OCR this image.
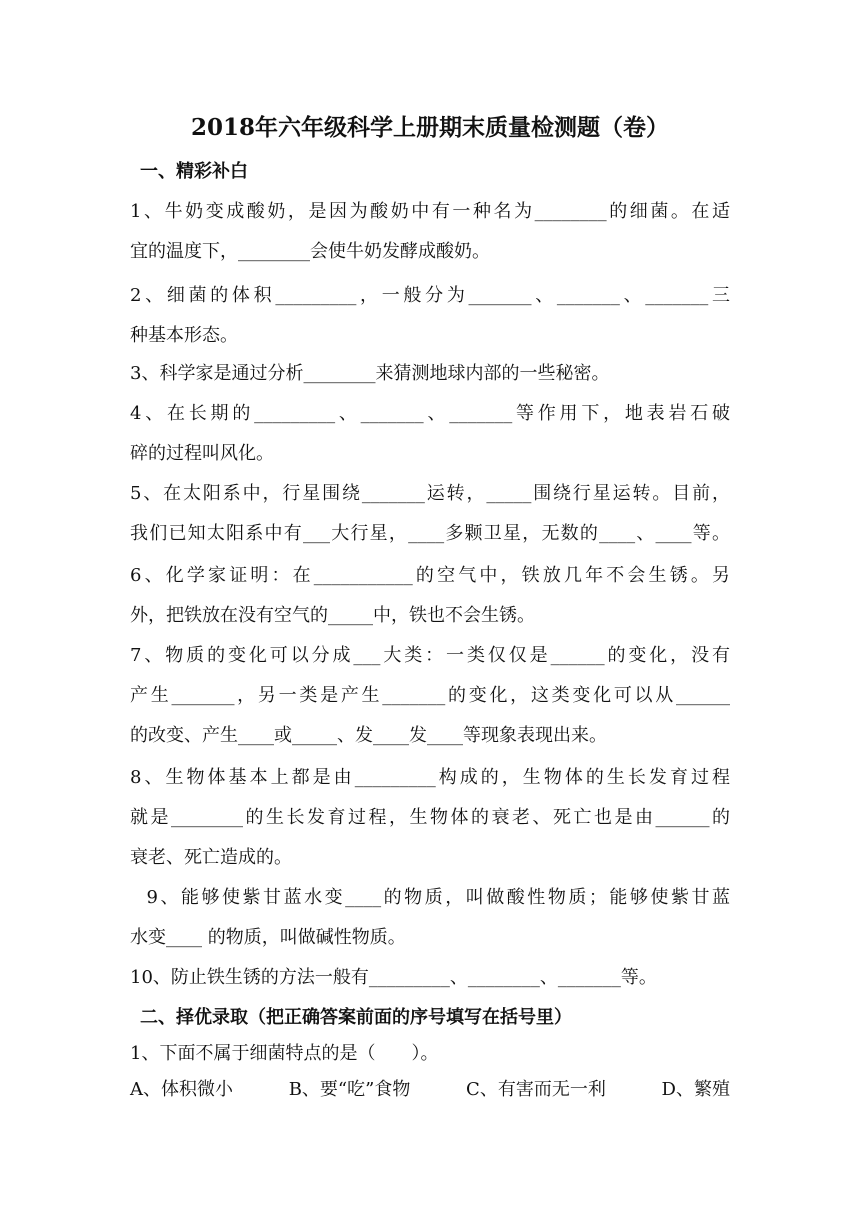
2018年六年级科学上册期末质量检测题（卷）
一、精彩补白
1、牛奶变成酸奶，是因为酸奶中有一种名为________的细菌。在适
宜的温度下，________会使牛奶发酵成酸奶。
2、细菌的体积_________，一般分为_______、_______、_______三
种基本形态。
3、科学家是通过分析________来猜测地球内部的一些秘密。
4、在长期的_________、_______、_______等作用下，地表岩石破
碎的过程叫风化。
5、在太阳系中，行星围绕_______运转，_____围绕行星运转。目前，
我们已知太阳系中有___大行星，____多颗卫星，无数的____、____等。
6、化学家证明：在___________的空气中，铁放几年不会生锈。另
外，把铁放在没有空气的_____中，铁也不会生锈。
7、物质的变化可以分成___大类：一类仅仅是______的变化，没有
产生_______，另一类是产生_______的变化，这类变化可以从______
的改变、产生____或_____、发____发____等现象表现出来。
8、生物体基本上都是由_________构成的，生物体的生长发育过程
就是________的生长发育过程，生物体的衰老、死亡也是由______的
衰老、死亡造成的。
9、能够使紫甘蓝水变____的物质，叫做酸性物质；能够使紫甘蓝
水变____ 的物质，叫做碱性物质。
10、防止铁生锈的方法一般有_________、________、_______等。
二、择优录取（把正确答案前面的序号填写在括号里）
1、下面不属于细菌特点的是（　　）。
A、体积微小	B、要“吃”食物	C、有害而无一利	D、繁殖
